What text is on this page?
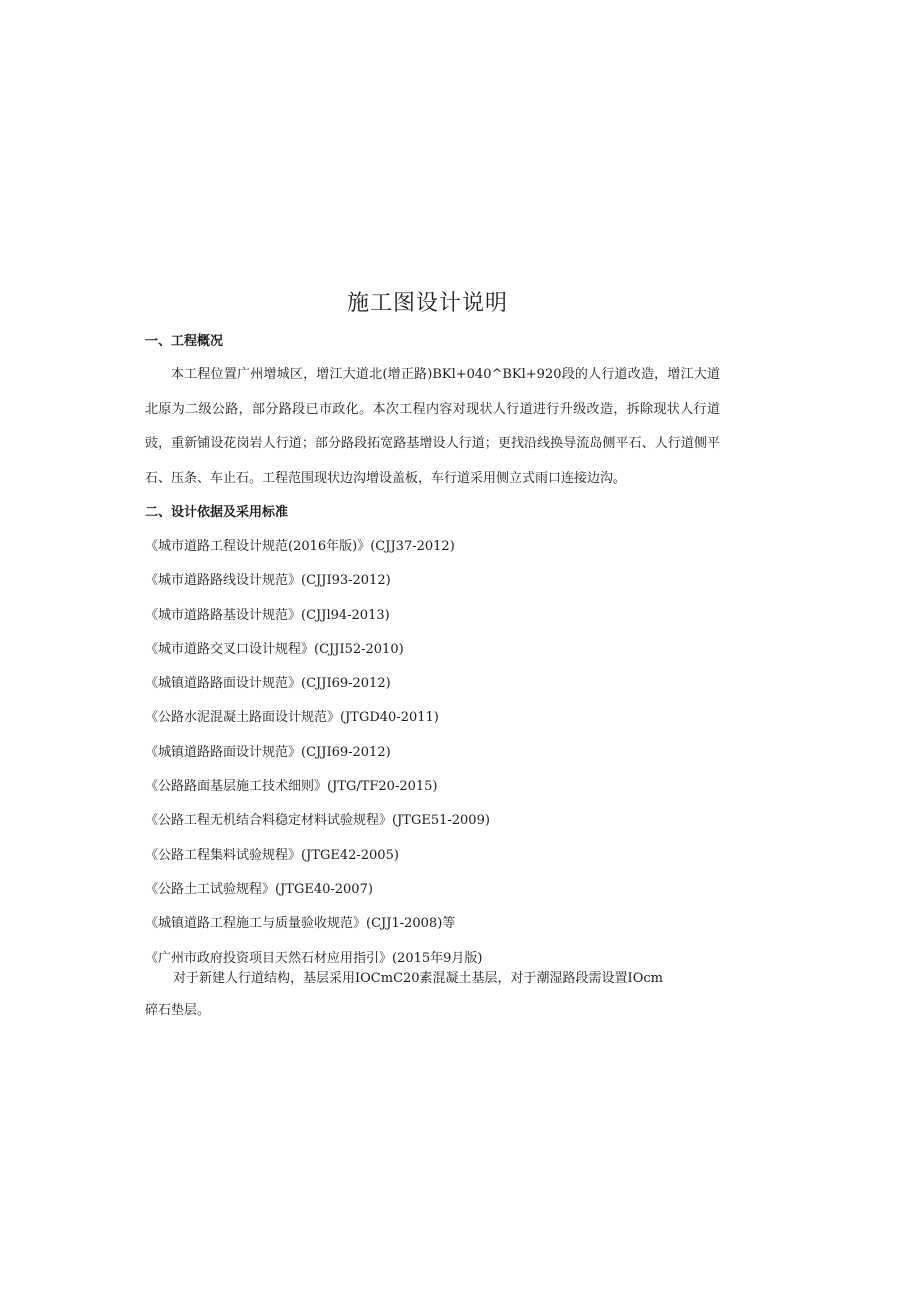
施工图设计说明
一、工程概况

本工程位置广州增城区，增江大道北(增正路)BKl+040^BKl+920段的人行道改造，增江大道北原为二级公路，部分路段已市政化。本次工程内容对现状人行道进行升级改造，拆除现状人行道豉，重新铺设花岗岩人行道；部分路段拓宽路基增设人行道；更找沿线换导流岛侧平石、人行道侧平石、压条、车止石。工程范围现状边沟增设盖板，车行道采用侧立式雨口连接边沟。

二、设计依据及采用标准
《城市道路工程设计规范(2016年版)》(CJJ37-2012)
《城市道路路线设计规范》(CJJI93-2012)
《城市道路路基设计规范》(CJJl94-2013)
《城市道路交叉口设计规程》(CJJI52-2010)
《城镇道路路面设计规范》(CJJI69-2012)
《公路水泥混凝土路面设计规范》(JTGD40-2011)
《城镇道路路面设计规范》(CJJI69-2012)
《公路路面基层施工技术细则》(JTG/TF20-2015)
《公路工程无机结合料稳定材料试验规程》(JTGE51-2009)
《公路工程集料试验规程》(JTGE42-2005)
《公路土工试验规程》(JTGE40-2007)
《城镇道路工程施工与质量验收规范》(CJJ1-2008)等
《广州市政府投资项目天然石材应用指引》(2015年9月版)

对于新建人行道结构，基层采用IOCmC20素混凝土基层，对于潮湿路段需设置IOcm碎石垫层。
